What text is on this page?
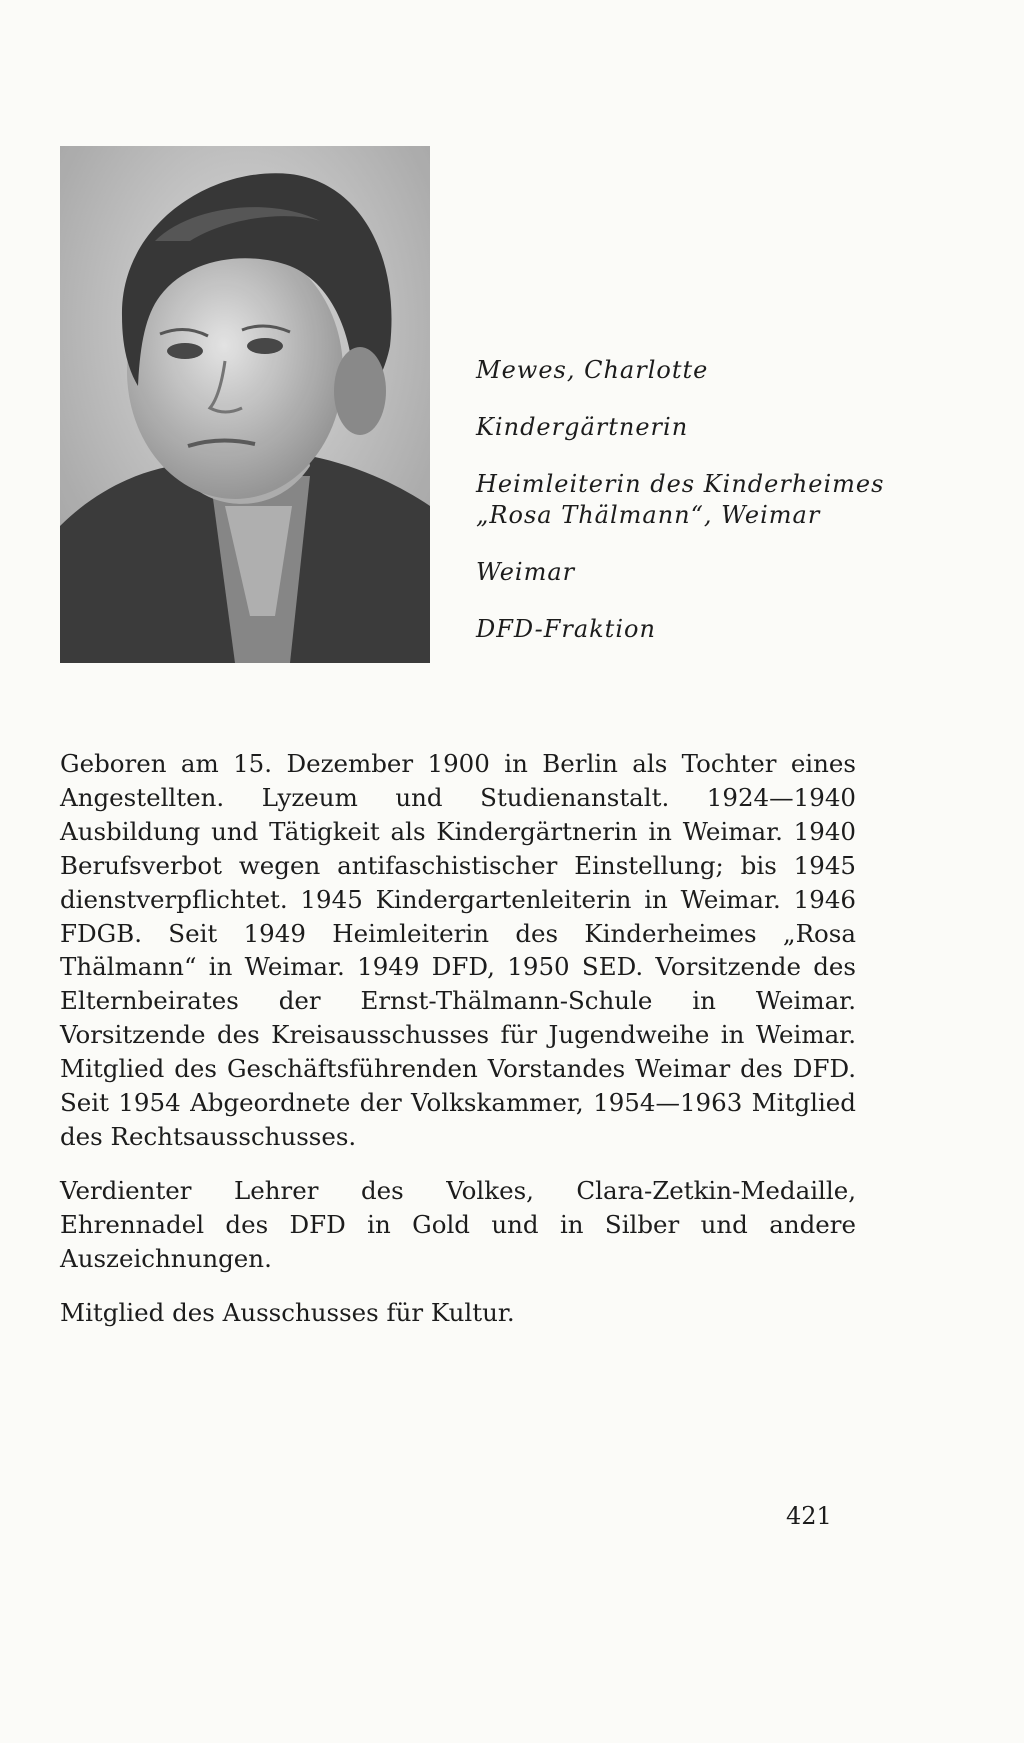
Mewes, Charlotte

Kindergärtnerin

Heimleiterin des Kinderheimes „Rosa Thälmann“, Weimar

Weimar

DFD-Fraktion

Geboren am 15. Dezember 1900 in Berlin als Tochter eines Angestellten. Lyzeum und Studienanstalt. 1924—1940 Ausbildung und Tätigkeit als Kindergärtnerin in Weimar. 1940 Berufsverbot wegen antifaschistischer Einstellung; bis 1945 dienstverpflichtet. 1945 Kindergartenleiterin in Weimar. 1946 FDGB. Seit 1949 Heimleiterin des Kinderheimes „Rosa Thälmann“ in Weimar. 1949 DFD, 1950 SED. Vorsitzende des Elternbeirates der Ernst-Thälmann-Schule in Weimar. Vorsitzende des Kreisausschusses für Jugendweihe in Weimar. Mitglied des Geschäftsführenden Vorstandes Weimar des DFD. Seit 1954 Abgeordnete der Volkskammer, 1954—1963 Mitglied des Rechtsausschusses.

Verdienter Lehrer des Volkes, Clara-Zetkin-Medaille, Ehrennadel des DFD in Gold und in Silber und andere Auszeichnungen.

Mitglied des Ausschusses für Kultur.

421
